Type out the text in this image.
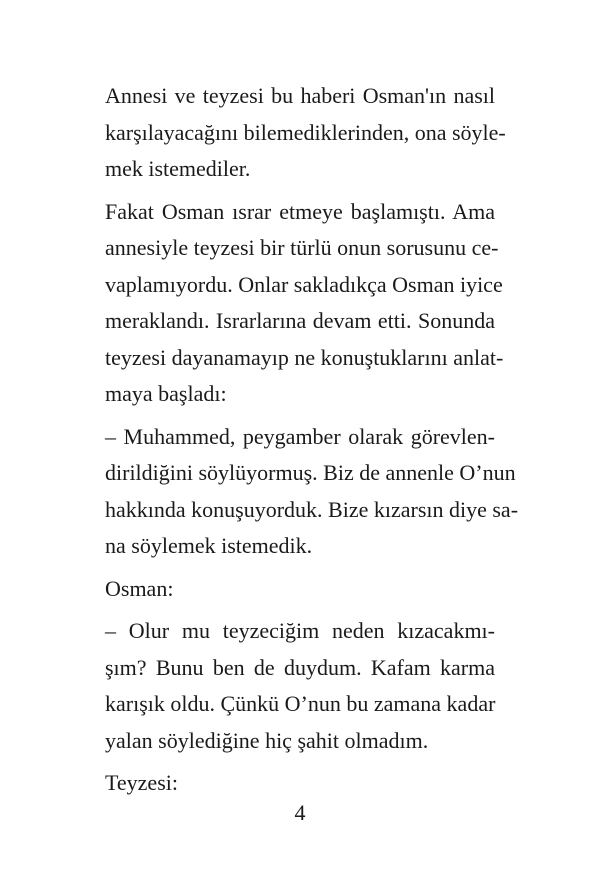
Annesi ve teyzesi bu haberi Osman'ın nasıl
karşılayacağını bilemediklerinden, ona söyle-
mek istemediler.
Fakat Osman ısrar etmeye başlamıştı. Ama
annesiyle teyzesi bir türlü onun sorusunu ce-
vaplamıyordu. Onlar sakladıkça Osman iyice
meraklandı. Israrlarına devam etti. Sonunda
teyzesi dayanamayıp ne konuştuklarını anlat-
maya başladı:
– Muhammed, peygamber olarak görevlen-
dirildiğini söylüyormuş. Biz de annenle O’nun
hakkında konuşuyorduk. Bize kızarsın diye sa-
na söylemek istemedik.
Osman:
– Olur mu teyzeciğim neden kızacakmı-
şım? Bunu ben de duydum. Kafam karma
karışık oldu. Çünkü O’nun bu zamana kadar
yalan söylediğine hiç şahit olmadım.
Teyzesi:
4
